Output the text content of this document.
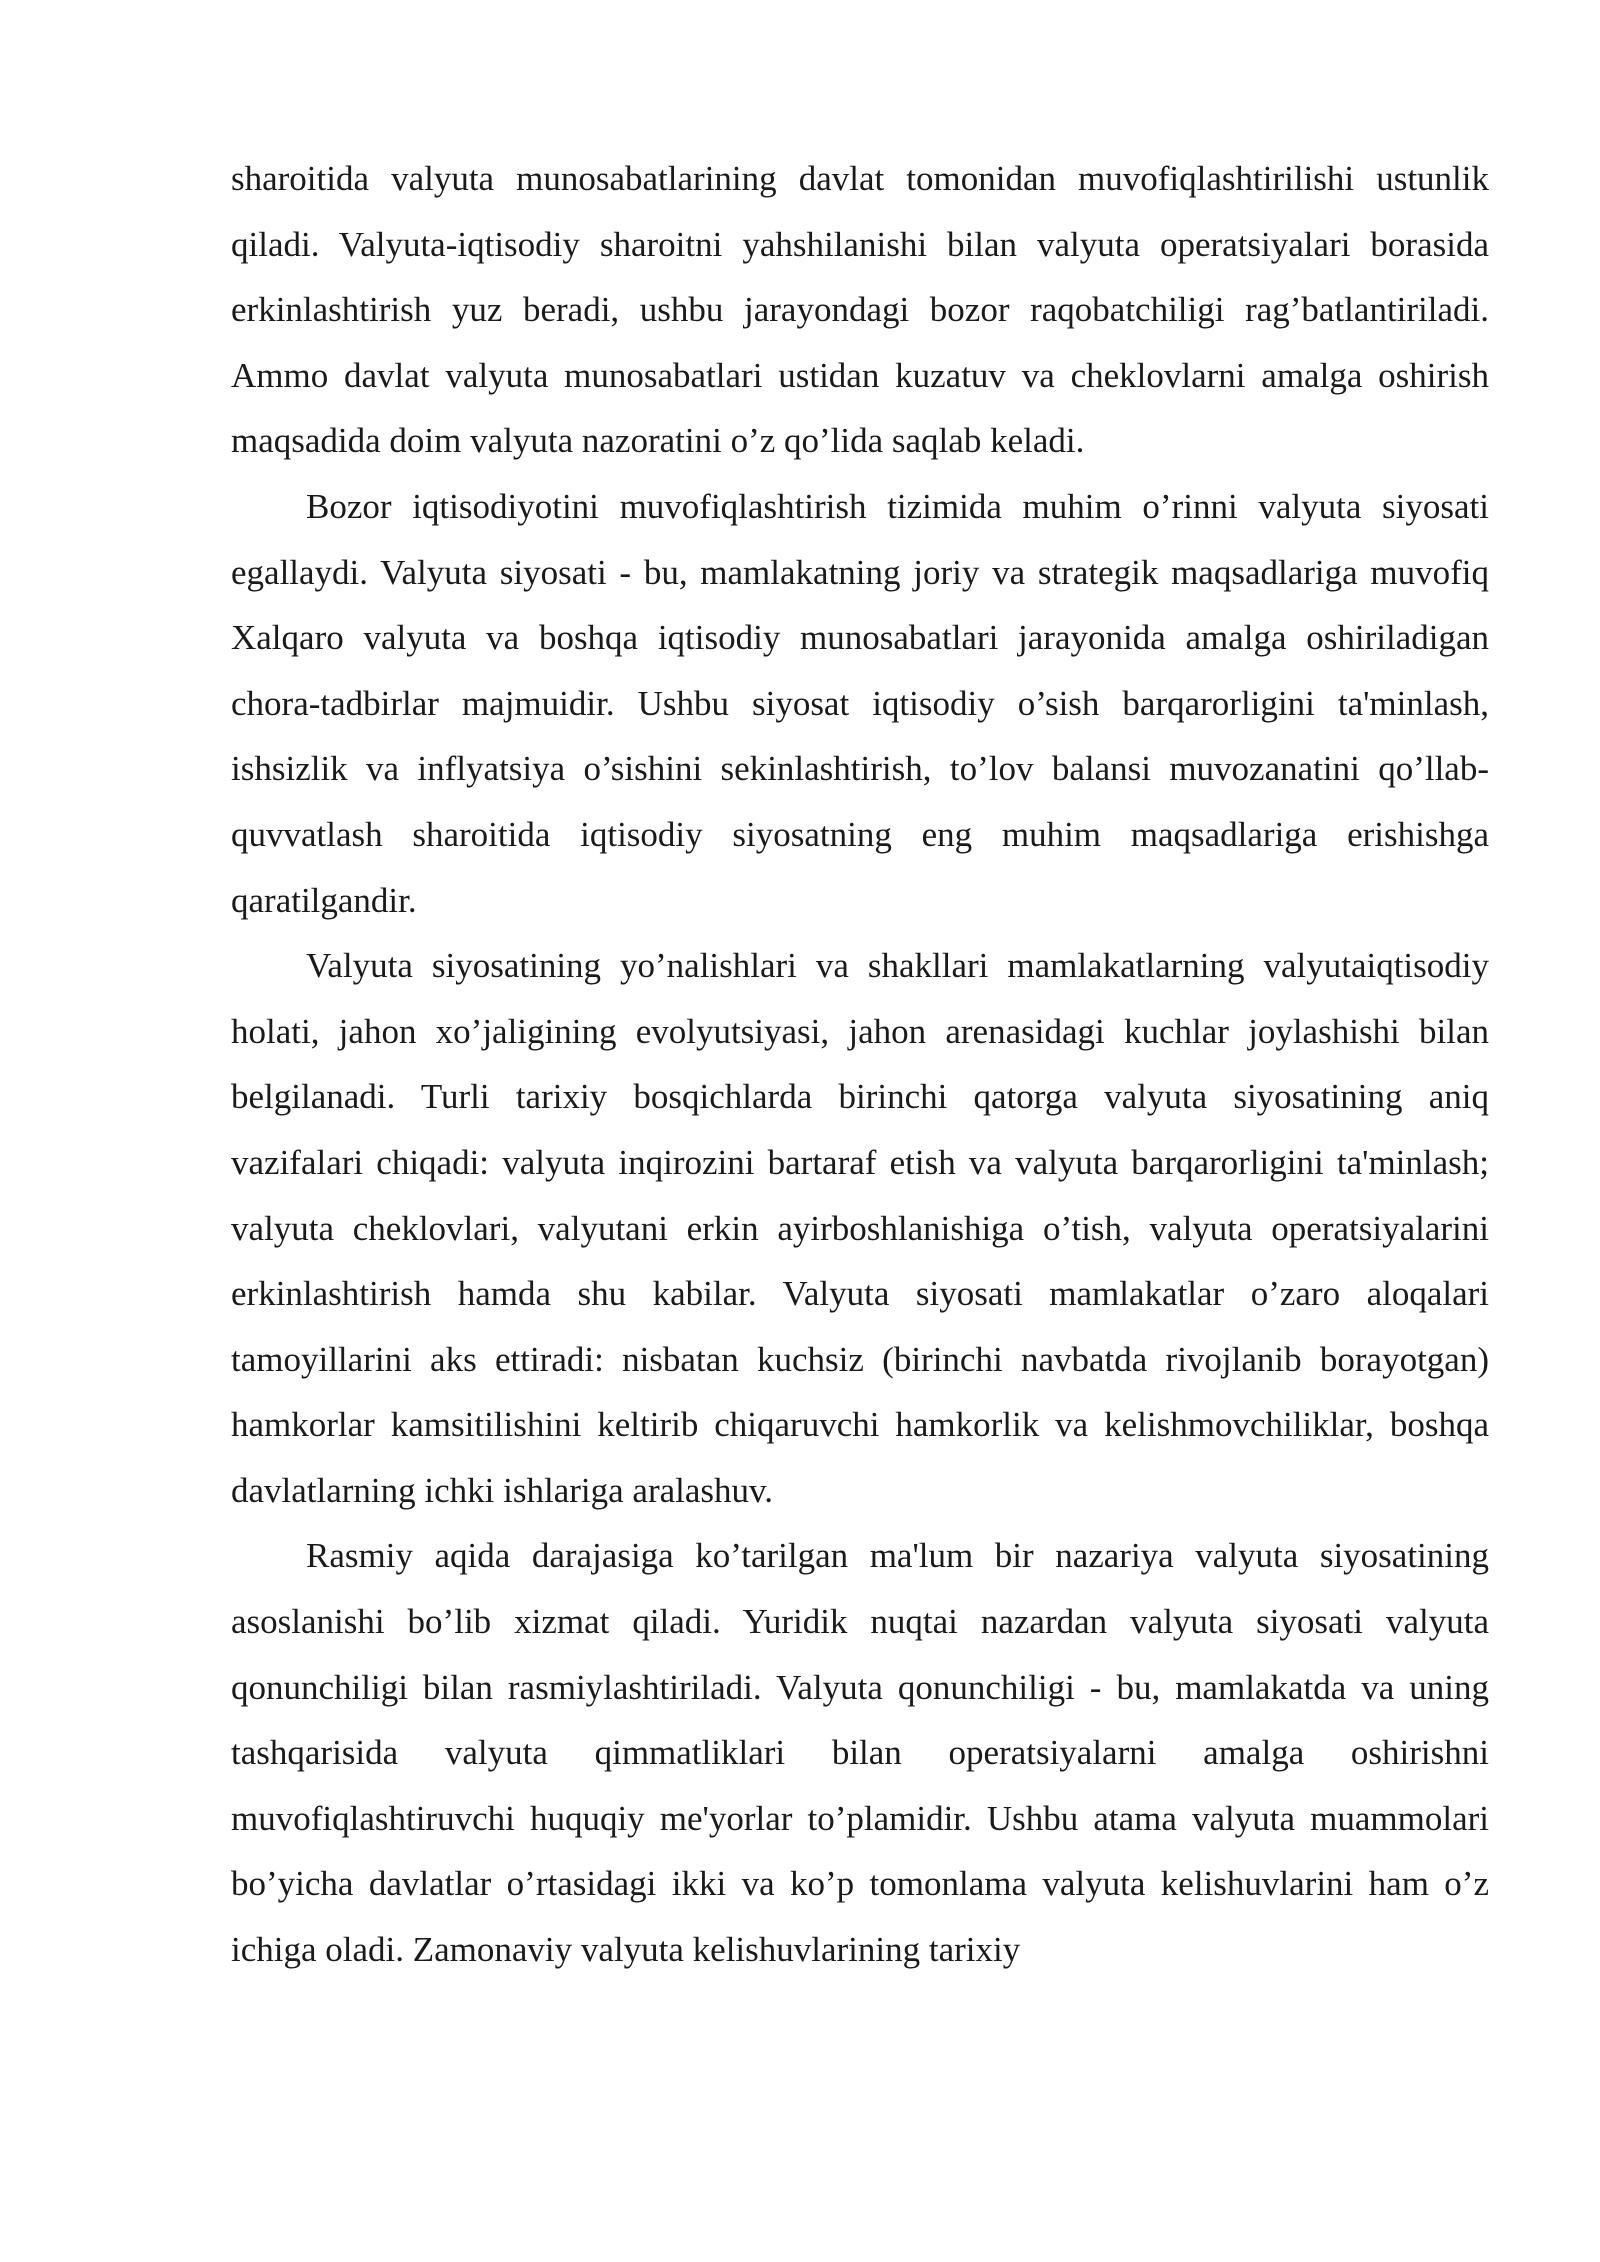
sharoitida valyuta munosabatlarining davlat tomonidan muvofiqlashtirilishi ustunlik qiladi. Valyuta-iqtisodiy sharoitni yahshilanishi bilan valyuta operatsiyalari borasida erkinlashtirish yuz beradi, ushbu jarayondagi bozor raqobatchiligi rag’batlantiriladi. Ammo davlat valyuta munosabatlari ustidan kuzatuv va cheklovlarni amalga oshirish maqsadida doim valyuta nazoratini o’z qo’lida saqlab keladi.

Bozor iqtisodiyotini muvofiqlashtirish tizimida muhim o’rinni valyuta siyosati egallaydi. Valyuta siyosati - bu, mamlakatning joriy va strategik maqsadlariga muvofiq Xalqaro valyuta va boshqa iqtisodiy munosabatlari jarayonida amalga oshiriladigan chora-tadbirlar majmuidir. Ushbu siyosat iqtisodiy o’sish barqarorligini ta'minlash, ishsizlik va inflyatsiya o’sishini sekinlashtirish, to’lov balansi muvozanatini qo’llab-quvvatlash sharoitida iqtisodiy siyosatning eng muhim maqsadlariga erishishga qaratilgandir.

Valyuta siyosatining yo’nalishlari va shakllari mamlakatlarning valyutaiqtisodiy holati, jahon xo’jaligining evolyutsiyasi, jahon arenasidagi kuchlar joylashishi bilan belgilanadi. Turli tarixiy bosqichlarda birinchi qatorga valyuta siyosatining aniq vazifalari chiqadi: valyuta inqirozini bartaraf etish va valyuta barqarorligini ta'minlash; valyuta cheklovlari, valyutani erkin ayirboshlanishiga o’tish, valyuta operatsiyalarini erkinlashtirish hamda shu kabilar. Valyuta siyosati mamlakatlar o’zaro aloqalari tamoyillarini aks ettiradi: nisbatan kuchsiz (birinchi navbatda rivojlanib borayotgan) hamkorlar kamsitilishini keltirib chiqaruvchi hamkorlik va kelishmovchiliklar, boshqa davlatlarning ichki ishlariga aralashuv.

Rasmiy aqida darajasiga ko’tarilgan ma'lum bir nazariya valyuta siyosatining asoslanishi bo’lib xizmat qiladi. Yuridik nuqtai nazardan valyuta siyosati valyuta qonunchiligi bilan rasmiylashtiriladi. Valyuta qonunchiligi - bu, mamlakatda va uning tashqarisida valyuta qimmatliklari bilan operatsiyalarni amalga oshirishni muvofiqlashtiruvchi huquqiy me'yorlar to’plamidir. Ushbu atama valyuta muammolari bo’yicha davlatlar o’rtasidagi ikki va ko’p tomonlama valyuta kelishuvlarini ham o’z ichiga oladi. Zamonaviy valyuta kelishuvlarining tarixiy
